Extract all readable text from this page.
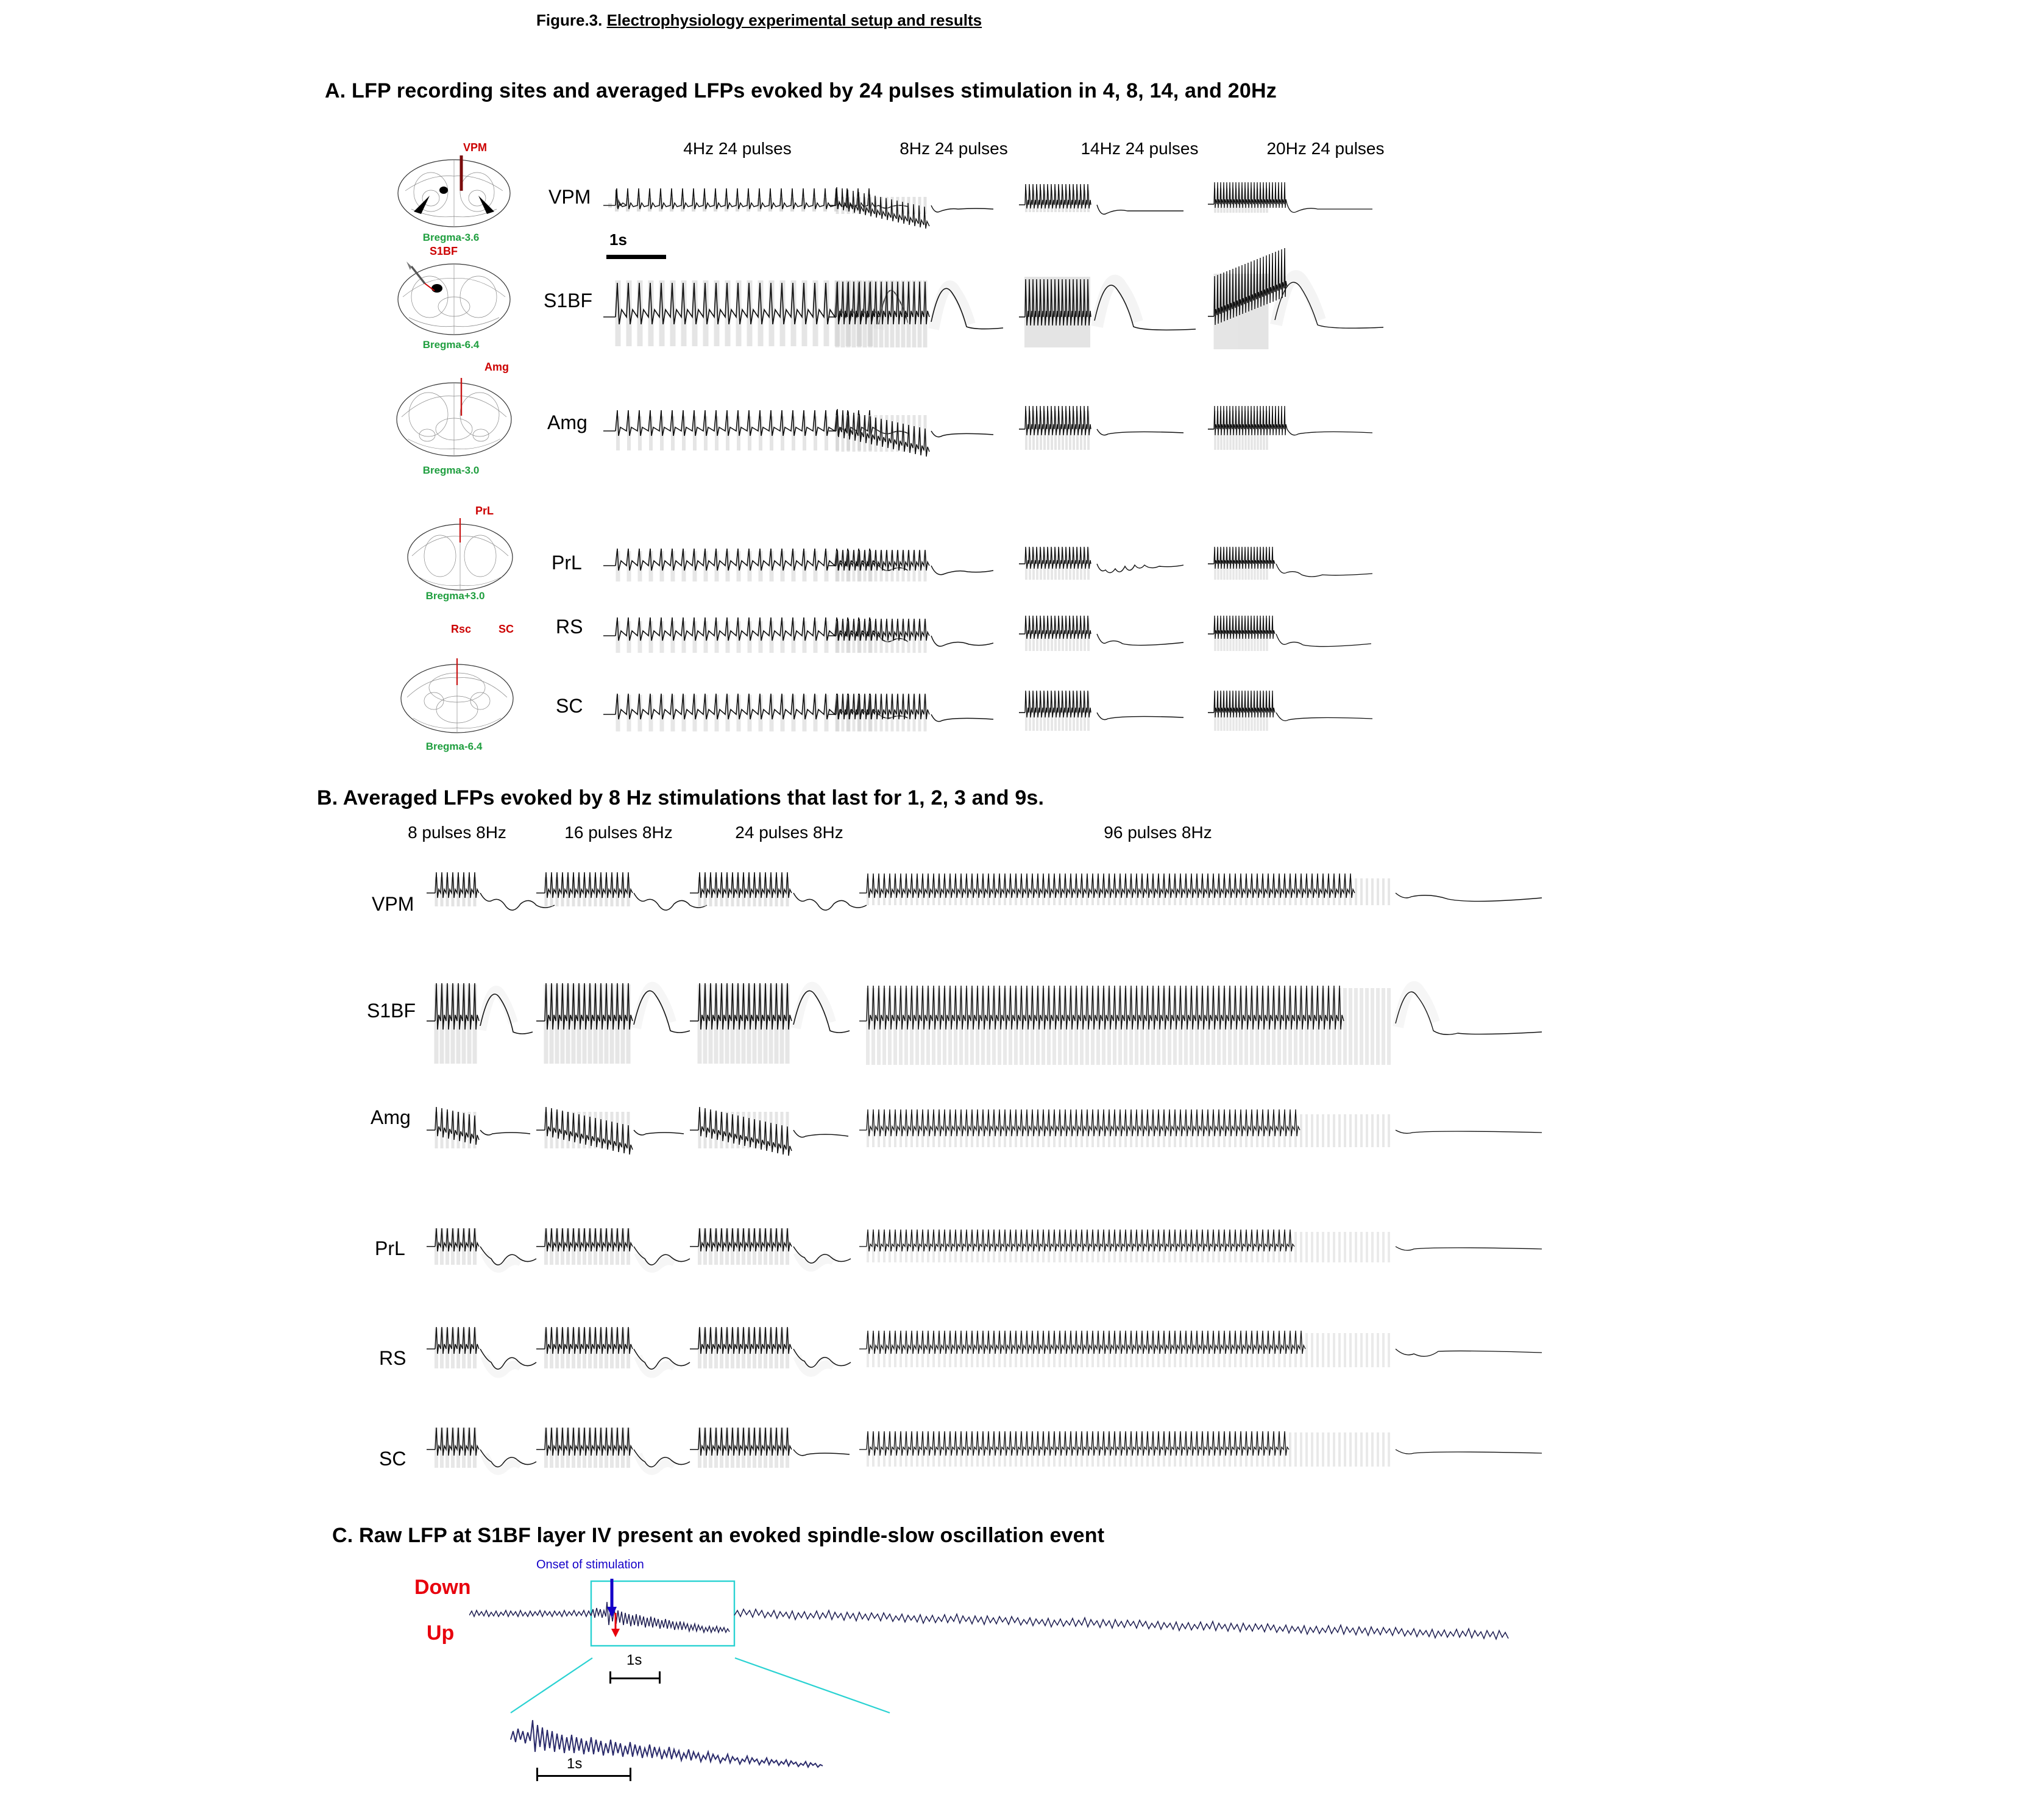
Figure.3. Electrophysiology experimental setup and results
A. LFP recording sites and averaged LFPs evoked by 24 pulses stimulation in 4, 8, 14, and 20Hz
4Hz 24 pulses	8Hz 24 pulses	14Hz 24 pulses	20Hz 24 pulses
VPM
S1BF
Amg
PrL
RS
SC
1s
VPM
Bregma-3.6
S1BF
Bregma-6.4
Amg
Bregma-3.0
PrL
Bregma+3.0
Rsc SC
Bregma-6.4
B. Averaged LFPs evoked by 8 Hz stimulations that last for 1, 2, 3 and 9s.
8 pulses 8Hz	16 pulses 8Hz	24 pulses 8Hz	96 pulses 8Hz
VPM
S1BF
Amg
PrL
RS
SC
C. Raw LFP at S1BF layer IV present an evoked spindle-slow oscillation event
Onset of stimulation
Down
Up
1s
1s
